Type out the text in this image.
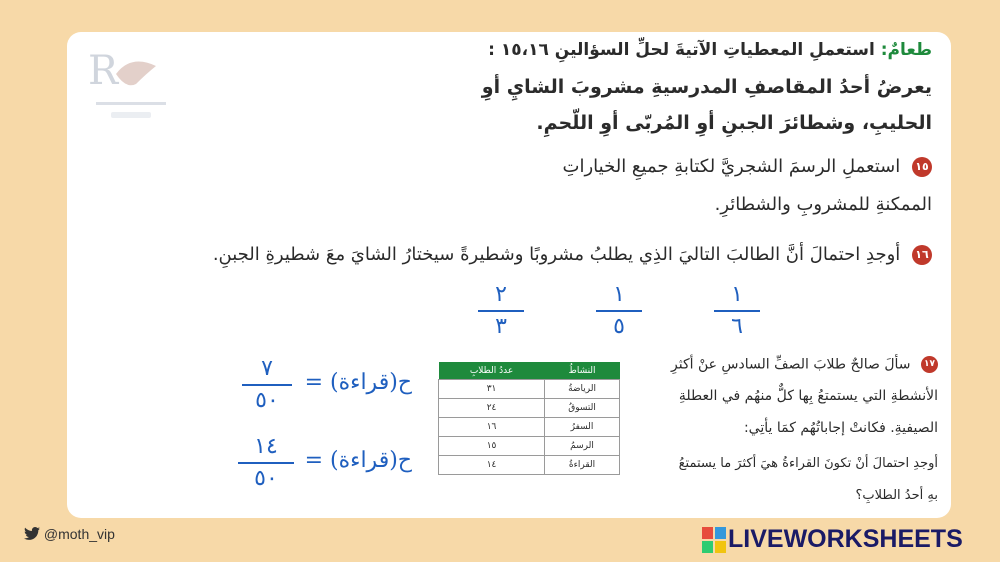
R	طعامٌ: استعملِ المعطياتِ الآتيةَ لحلِّ السؤالينِ ١٥،١٦ :
يعرضُ أحدُ المقاصفِ المدرسيةِ مشروبَ الشايِ أوِ
الحليبِ، وشطائرَ الجبنِ أوِ المُربّى أوِ اللّحمِ.
١٥ استعملِ الرسمَ الشجريَّ لكتابةِ جميعِ الخياراتِ
الممكنةِ للمشروبِ والشطائرِ.
١٦ أوجدِ احتمالَ أنَّ الطالبَ التاليَ الذِي يطلبُ مشروبًا وشطيرةً سيختارُ الشايَ معَ شطيرةِ الجبنِ.
١
٦
١
٥
٢
٣
١٧ سألَ صالحٌ طلابَ الصفِّ السادسِ عنْ أكثرِ
الأنشطةِ التي يستمتعُ بِها كلٌّ منهُم في العطلةِ
الصيفيةِ. فكانتْ إجاباتُهُم كمَا يأتِي:
أوجدِ احتمالَ أنْ تكونَ القراءةُ هيَ أكثرَ ما يستمتعُ
بهِ أحدُ الطلابِ؟
النشاطُ	عددُ الطلابِ
الرياضةُ	٣١
التسوقُ	٢٤
السفرُ	١٦
الرسمُ	١٥
القراءةُ	١٤
ح(قراءة) =
٧
٥٠
ح(قراءة) =
١٤
٥٠
@moth_vip	LIVEWORKSHEETS
